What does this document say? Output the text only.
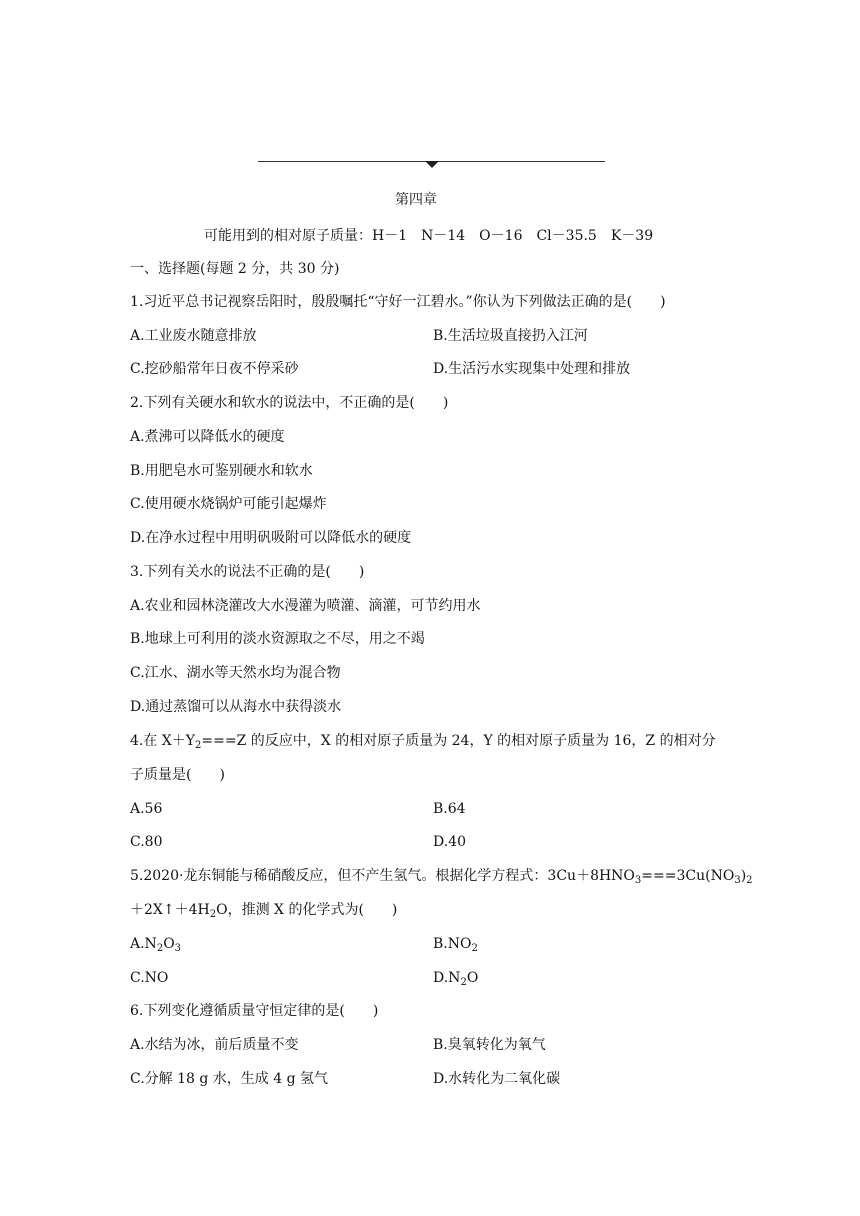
第四章
可能用到的相对原子质量：H－1　N－14　O－16　Cl－35.5　K－39
一、选择题(每题 2 分，共 30 分)
1.习近平总书记视察岳阳时，殷殷嘱托“守好一江碧水。”你认为下列做法正确的是(　　)
A.工业废水随意排放	B.生活垃圾直接扔入江河
C.挖砂船常年日夜不停采砂	D.生活污水实现集中处理和排放
2.下列有关硬水和软水的说法中，不正确的是(　　)
A.煮沸可以降低水的硬度
B.用肥皂水可鉴别硬水和软水
C.使用硬水烧锅炉可能引起爆炸
D.在净水过程中用明矾吸附可以降低水的硬度
3.下列有关水的说法不正确的是(　　)
A.农业和园林浇灌改大水漫灌为喷灌、滴灌，可节约用水
B.地球上可利用的淡水资源取之不尽，用之不竭
C.江水、湖水等天然水均为混合物
D.通过蒸馏可以从海水中获得淡水
4.在 $X+Y_2===Z$ 的反应中，X 的相对原子质量为 24，Y 的相对原子质量为 16，Z 的相对分
子质量是(　　)
A.56	B.64
C.80	D.40
5.2020·龙东铜能与稀硝酸反应，但不产生氢气。根据化学方程式：$3Cu+8HNO_3===3Cu(NO_3)_2$
$+2X↑+4H_2O$，推测 X 的化学式为(　　)
$A.N_2O_3$	$B.NO_2$
C.NO	$D.N_2O$
6.下列变化遵循质量守恒定律的是(　　)
A.水结为冰，前后质量不变	B.臭氧转化为氧气
C.分解 18 g 水，生成 4 g 氢气	D.水转化为二氧化碳
